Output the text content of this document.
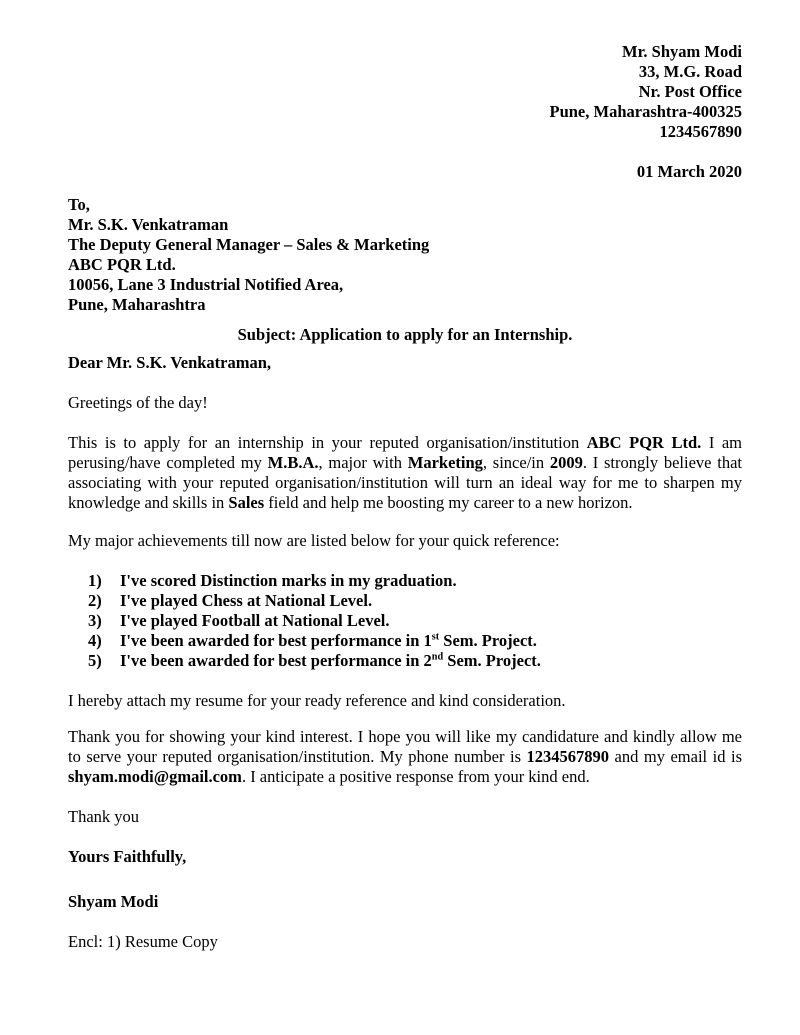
Mr. Shyam Modi
33, M.G. Road
Nr. Post Office
Pune, Maharashtra-400325
1234567890
01 March 2020
To,
Mr. S.K. Venkatraman
The Deputy General Manager – Sales & Marketing
ABC PQR Ltd.
10056, Lane 3 Industrial Notified Area,
Pune, Maharashtra
Subject: Application to apply for an Internship.
Dear Mr. S.K. Venkatraman,
Greetings of the day!
This is to apply for an internship in your reputed organisation/institution ABC PQR Ltd. I am perusing/have completed my M.B.A., major with Marketing, since/in 2009. I strongly believe that associating with your reputed organisation/institution will turn an ideal way for me to sharpen my knowledge and skills in Sales field and help me boosting my career to a new horizon.
My major achievements till now are listed below for your quick reference:
1)	I've scored Distinction marks in my graduation.
2)	I've played Chess at National Level.
3)	I've played Football at National Level.
4)	I've been awarded for best performance in 1st Sem. Project.
5)	I've been awarded for best performance in 2nd Sem. Project.
I hereby attach my resume for your ready reference and kind consideration.
Thank you for showing your kind interest. I hope you will like my candidature and kindly allow me to serve your reputed organisation/institution. My phone number is 1234567890 and my email id is shyam.modi@gmail.com. I anticipate a positive response from your kind end.
Thank you
Yours Faithfully,
Shyam Modi
Encl: 1) Resume Copy
